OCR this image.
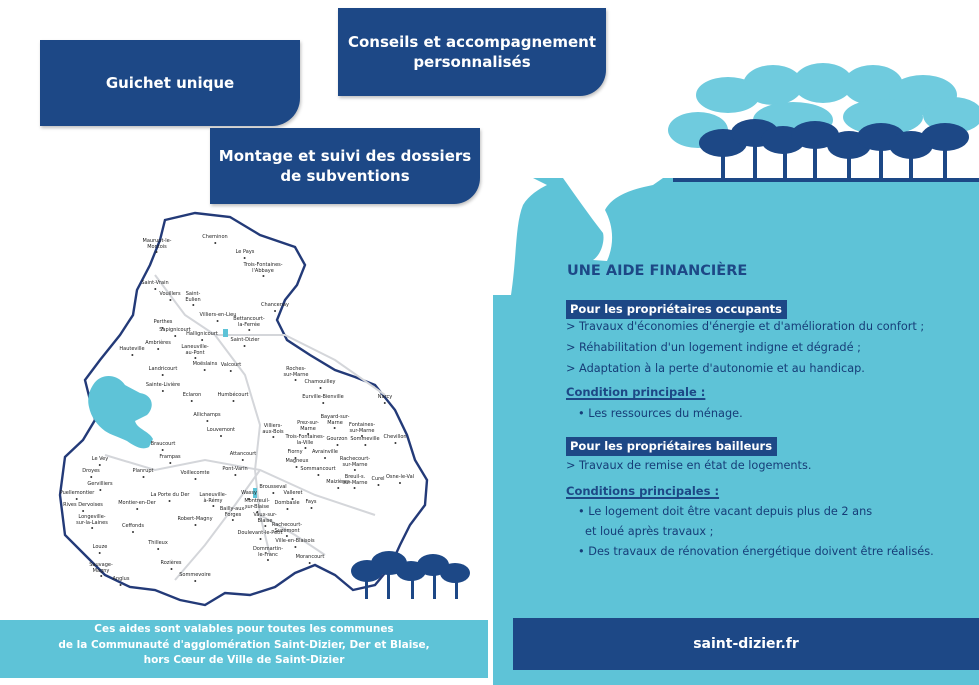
Guichet unique
Conseils et accompagnement
personnalisés
Montage et suivi des dossiers
de subventions
Maurupt-le-
Montois
Cheminon
Le Pays
Trois-Fontaines-
l'Abbaye
Saint-Vrain
Vouillers Saint-
Eulien
Villiers-en-Lieu
Chancenay
Perthes	Bettancourt-
la-Ferrée
Sapignicourt
Hallignicourt
Saint-Dizier
Hauteville
Ambrières
Laneuville-
au-Pont
Moëslains Valcourt
Landricourt	Roches-
sur-Marne
Chamouilley
Sainte-Livière
Eclaron	Humbécourt	Eurville-Bienville	Narcy
Allichamps	Bayard-sur-
Marne
Prez-sur-
Marne
Fontaines-
sur-Marne
Villiers-
aux-Bois
Louvemont
Trois-Fontaines-
la-Ville
Chevillon
Gourzon Sommeville
Braucourt
Frampas
Fiorny Avrainville
Attancourt
Rachecourt-
sur-Marne
Magneux
Le Vey
Sommancourt
Breuil-s.
sur-Marne
Droyes	Planrupt	Voillecomte
Pont-Varin
Osne-le-Val
Maizières	Curel
Gervilliers
Puellemontier
Brousseval
Valleret
La Porte du Der	Wassy
Laneuville-
à-Rémy
Rives Dervoises	Montier-en-Der	Montreuil-
sur-Blaise
Dombasle Fays
Bailly-aux-
Forges	Vaux-sur-
Blaise
Robert-Magny
Rachecourt-
Suzémont
Longeville-
sur-la-Laines
Ceffonds
Doulevant-le-Petit
Ville-en-Blaisois
Thilleux
Louze	Dommartin-
le-Franc	Morancourt
Rozières
Sauvage-
Magny
Sommevoire
Anglus
Ces aides sont valables pour toutes les communes
de la Communauté d'agglomération Saint-Dizier, Der et Blaise,
hors Cœur de Ville de Saint-Dizier
UNE AIDE FINANCIÈRE
Pour les propriétaires occupants
> Travaux d'économies d'énergie et d'amélioration du confort ;
> Réhabilitation d'un logement indigne et dégradé ;
> Adaptation à la perte d'autonomie et au handicap.
Condition principale :
• Les ressources du ménage.
Pour les propriétaires bailleurs
> Travaux de remise en état de logements.
Conditions principales :
• Le logement doit être vacant depuis plus de 2 ans
et loué après travaux ;
• Des travaux de rénovation énergétique doivent être réalisés.
saint-dizier.fr
